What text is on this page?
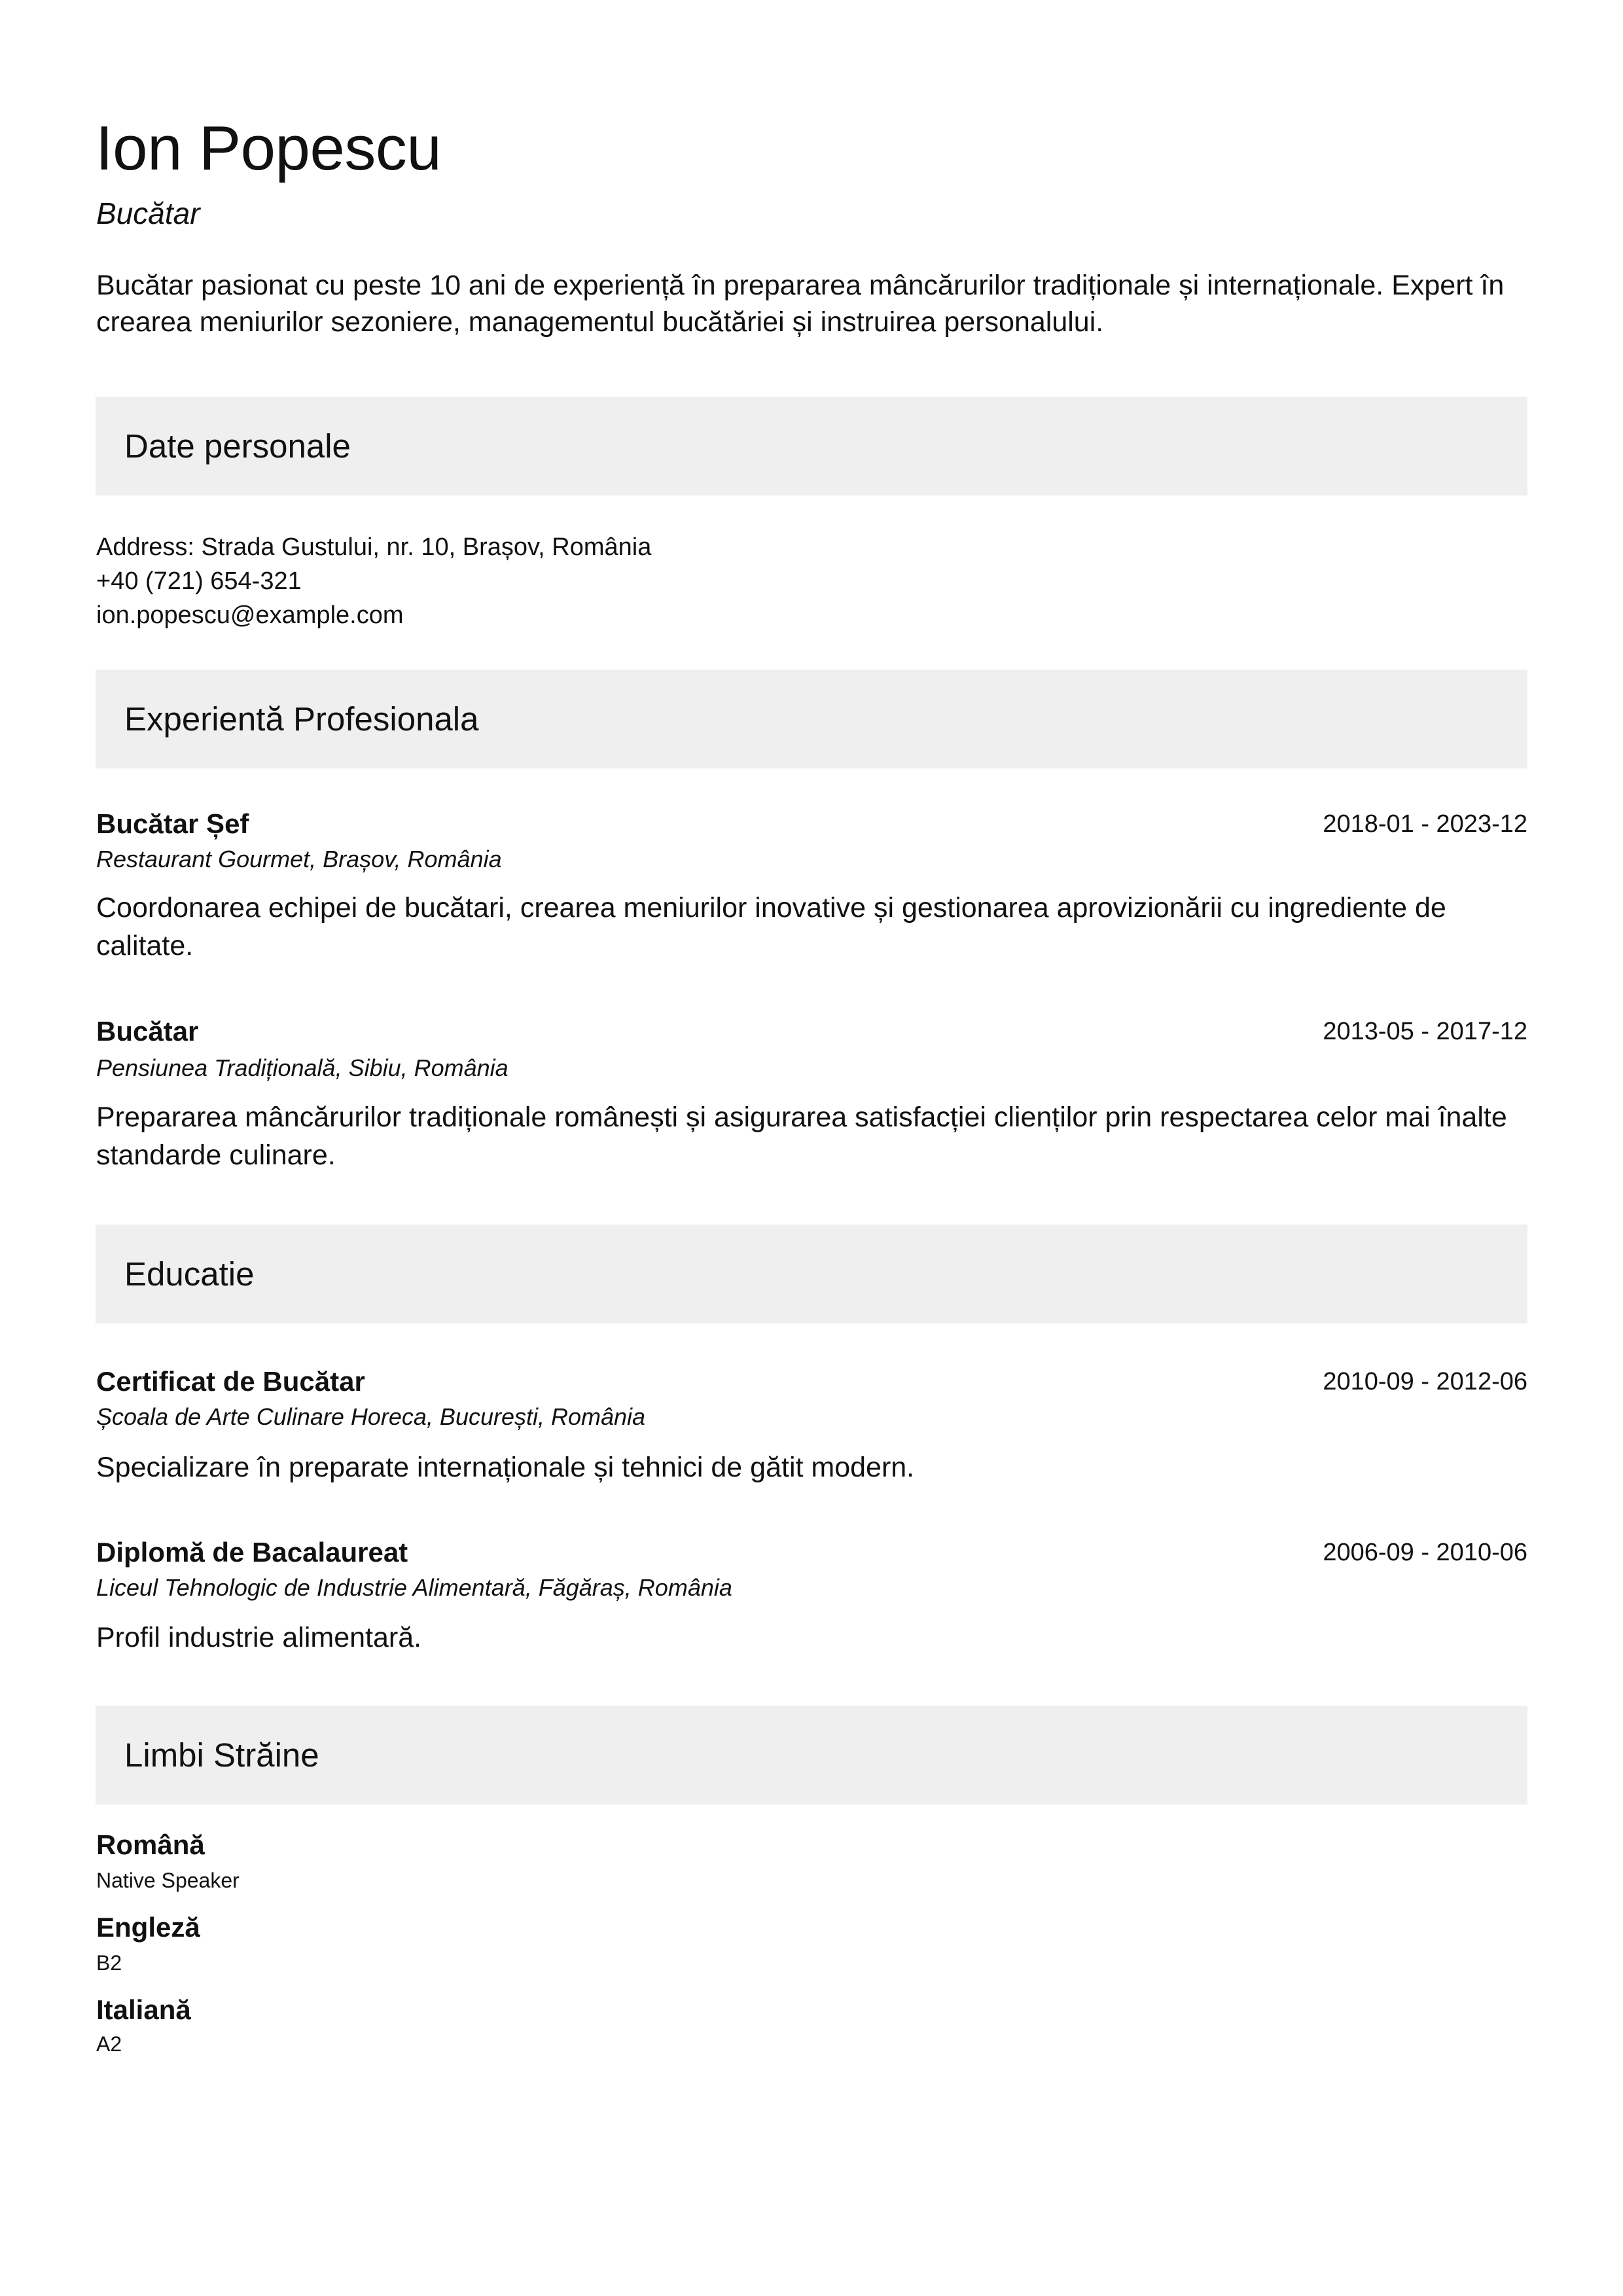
Ion Popescu
Bucătar
Bucătar pasionat cu peste 10 ani de experiență în prepararea mâncărurilor tradiționale și internaționale. Expert în crearea meniurilor sezoniere, managementul bucătăriei și instruirea personalului.
Date personale
Address: Strada Gustului, nr. 10, Brașov, România
+40 (721) 654-321
ion.popescu@example.com
Experientă Profesionala
Bucătar Șef	2018-01 - 2023-12
Restaurant Gourmet, Brașov, România
Coordonarea echipei de bucătari, crearea meniurilor inovative și gestionarea aprovizionării cu ingrediente de calitate.
Bucătar	2013-05 - 2017-12
Pensiunea Tradițională, Sibiu, România
Prepararea mâncărurilor tradiționale românești și asigurarea satisfacției clienților prin respectarea celor mai înalte standarde culinare.
Educatie
Certificat de Bucătar	2010-09 - 2012-06
Școala de Arte Culinare Horeca, București, România
Specializare în preparate internaționale și tehnici de gătit modern.
Diplomă de Bacalaureat	2006-09 - 2010-06
Liceul Tehnologic de Industrie Alimentară, Făgăraș, România
Profil industrie alimentară.
Limbi Străine
Română
Native Speaker
Engleză
B2
Italiană
A2
